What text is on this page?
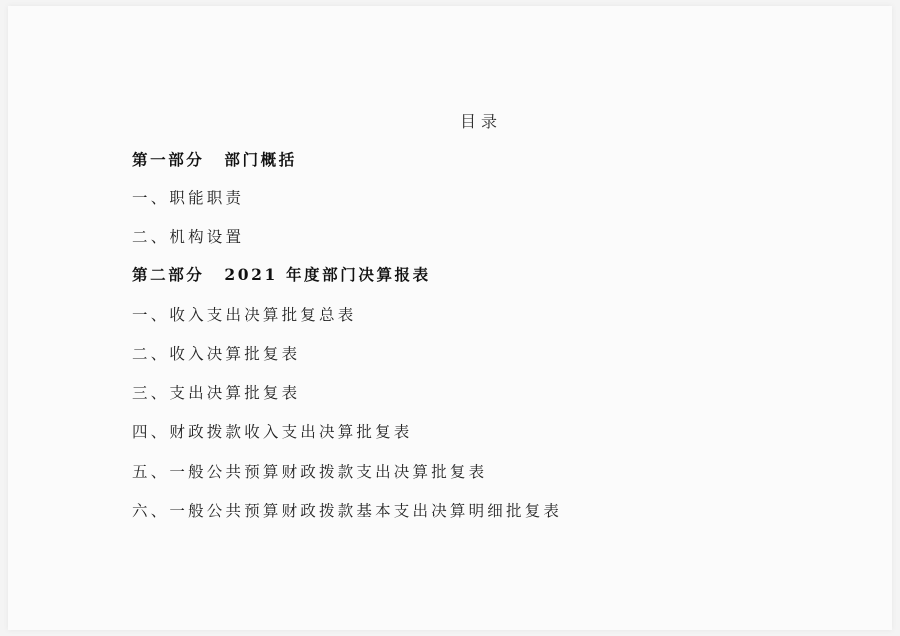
目录
第一部分 部门概括
一、职能职责
二、机构设置
第二部分 2021 年度部门决算报表
一、收入支出决算批复总表
二、收入决算批复表
三、支出决算批复表
四、财政拨款收入支出决算批复表
五、一般公共预算财政拨款支出决算批复表
六、一般公共预算财政拨款基本支出决算明细批复表
